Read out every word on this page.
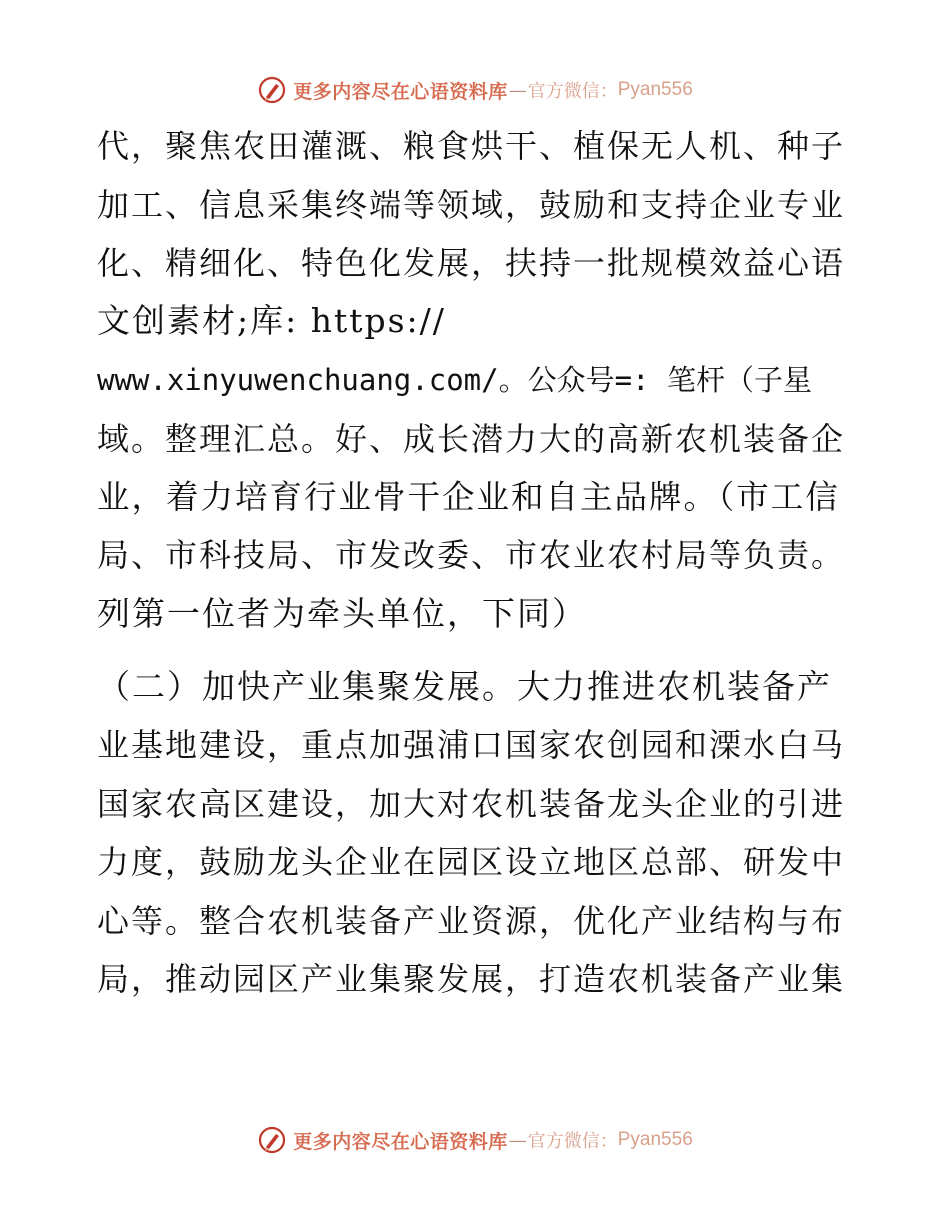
更多内容尽在心语资料库 — 官方微信： Pyan556
代，聚焦农田灌溉、粮食烘干、植保无人机、种子
加工、信息采集终端等领域，鼓励和支持企业专业
化、精细化、特色化发展，扶持一批规模效益心语
文创素材;库: https://
www.xinyuwenchuang.com/。公众号=: 笔杆（子星
域。整理汇总。好、成长潜力大的高新农机装备企
业，着力培育行业骨干企业和自主品牌。（市工信
局、市科技局、市发改委、市农业农村局等负责。
列第一位者为牵头单位，下同）
（二）加快产业集聚发展。大力推进农机装备产
业基地建设，重点加强浦口国家农创园和溧水白马
国家农高区建设，加大对农机装备龙头企业的引进
力度，鼓励龙头企业在园区设立地区总部、研发中
心等。整合农机装备产业资源，优化产业结构与布
局，推动园区产业集聚发展，打造农机装备产业集
更多内容尽在心语资料库 — 官方微信： Pyan556
